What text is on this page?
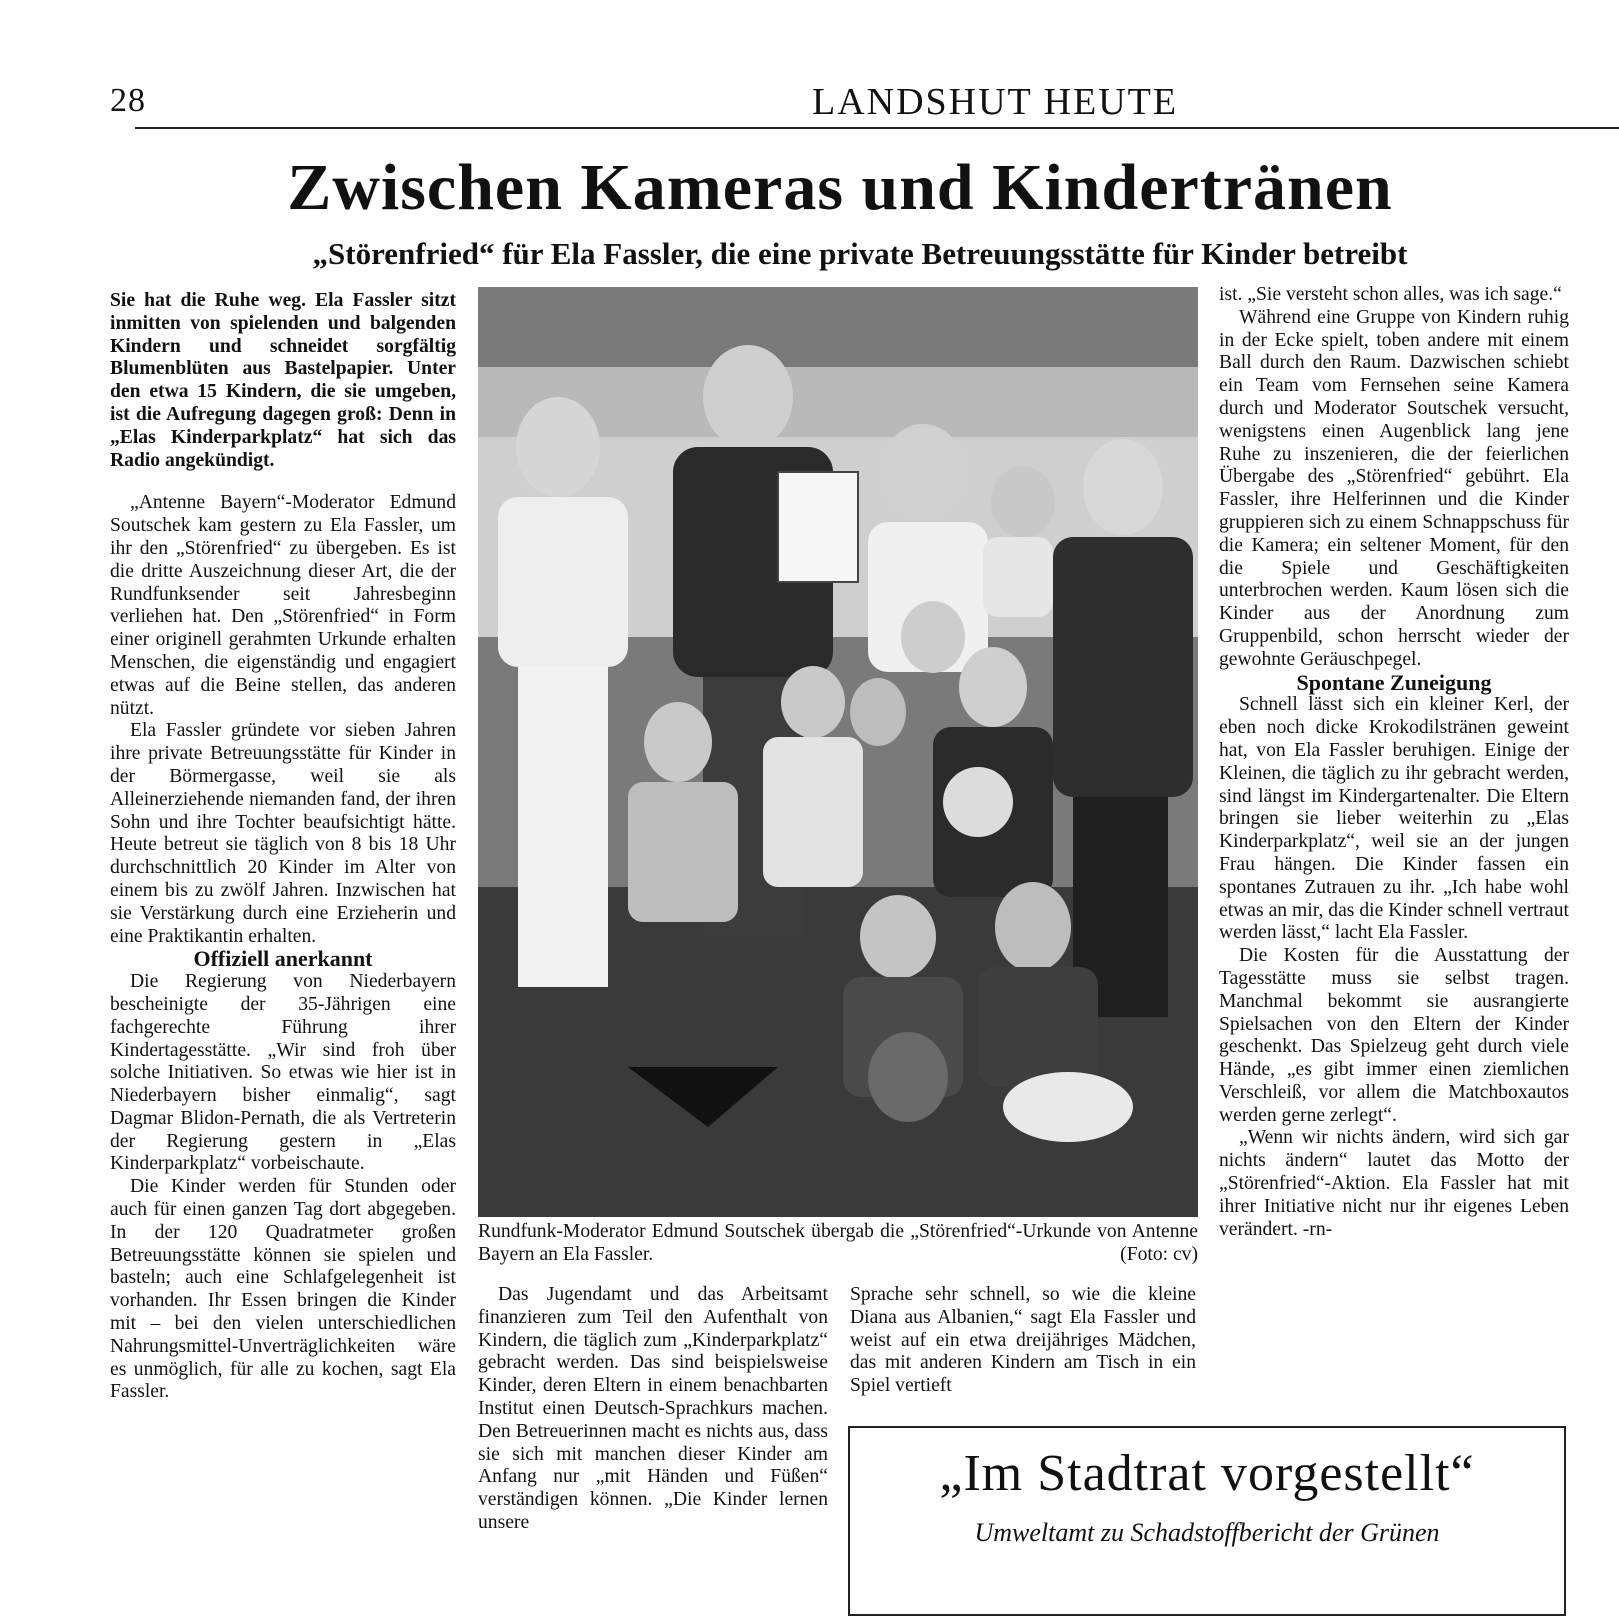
28	LANDSHUT HEUTE
Zwischen Kameras und Kindertränen
„Störenfried“ für Ela Fassler, die eine private Betreuungsstätte für Kinder betreibt

Sie hat die Ruhe weg. Ela Fassler sitzt inmitten von spielenden und balgenden Kindern und schneidet sorgfältig Blumenblüten aus Bastelpapier. Unter den etwa 15 Kindern, die sie umgeben, ist die Aufregung dagegen groß: Denn in „Elas Kinderparkplatz“ hat sich das Radio angekündigt.

„Antenne Bayern“-Moderator Edmund Soutschek kam gestern zu Ela Fassler, um ihr den „Störenfried“ zu übergeben. Es ist die dritte Auszeichnung dieser Art, die der Rundfunksender seit Jahresbeginn verliehen hat. Den „Störenfried“ in Form einer originell gerahmten Urkunde erhalten Menschen, die eigenständig und engagiert etwas auf die Beine stellen, das anderen nützt.

Ela Fassler gründete vor sieben Jahren ihre private Betreuungsstätte für Kinder in der Börmergasse, weil sie als Alleinerziehende niemanden fand, der ihren Sohn und ihre Tochter beaufsichtigt hätte. Heute betreut sie täglich von 8 bis 18 Uhr durchschnittlich 20 Kinder im Alter von einem bis zu zwölf Jahren. Inzwischen hat sie Verstärkung durch eine Erzieherin und eine Praktikantin erhalten.

Offiziell anerkannt

Die Regierung von Niederbayern bescheinigte der 35-Jährigen eine fachgerechte Führung ihrer Kindertagesstätte. „Wir sind froh über solche Initiativen. So etwas wie hier ist in Niederbayern bisher einmalig“, sagt Dagmar Blidon-Pernath, die als Vertreterin der Regierung gestern in „Elas Kinderparkplatz“ vorbeischaute.

Die Kinder werden für Stunden oder auch für einen ganzen Tag dort abgegeben. In der 120 Quadratmeter großen Betreuungsstätte können sie spielen und basteln; auch eine Schlafgelegenheit ist vorhanden. Ihr Essen bringen die Kinder mit – bei den vielen unterschiedlichen Nahrungsmittel-Unverträglichkeiten wäre es unmöglich, für alle zu kochen, sagt Ela Fassler.

Rundfunk-Moderator Edmund Soutschek übergab die „Störenfried“-Urkunde von Antenne Bayern an Ela Fassler.	(Foto: cv)

Das Jugendamt und das Arbeitsamt finanzieren zum Teil den Aufenthalt von Kindern, die täglich zum „Kinderparkplatz“ gebracht werden. Das sind beispielsweise Kinder, deren Eltern in einem benachbarten Institut einen Deutsch-Sprachkurs machen. Den Betreuerinnen macht es nichts aus, dass sie sich mit manchen dieser Kinder am Anfang nur „mit Händen und Füßen“ verständigen können. „Die Kinder lernen unsere

Sprache sehr schnell, so wie die kleine Diana aus Albanien,“ sagt Ela Fassler und weist auf ein etwa dreijähriges Mädchen, das mit anderen Kindern am Tisch in ein Spiel vertieft

ist. „Sie versteht schon alles, was ich sage.“

Während eine Gruppe von Kindern ruhig in der Ecke spielt, toben andere mit einem Ball durch den Raum. Dazwischen schiebt ein Team vom Fernsehen seine Kamera durch und Moderator Soutschek versucht, wenigstens einen Augenblick lang jene Ruhe zu inszenieren, die der feierlichen Übergabe des „Störenfried“ gebührt. Ela Fassler, ihre Helferinnen und die Kinder gruppieren sich zu einem Schnappschuss für die Kamera; ein seltener Moment, für den die Spiele und Geschäftigkeiten unterbrochen werden. Kaum lösen sich die Kinder aus der Anordnung zum Gruppenbild, schon herrscht wieder der gewohnte Geräuschpegel.

Spontane Zuneigung

Schnell lässt sich ein kleiner Kerl, der eben noch dicke Krokodilstränen geweint hat, von Ela Fassler beruhigen. Einige der Kleinen, die täglich zu ihr gebracht werden, sind längst im Kindergartenalter. Die Eltern bringen sie lieber weiterhin zu „Elas Kinderparkplatz“, weil sie an der jungen Frau hängen. Die Kinder fassen ein spontanes Zutrauen zu ihr. „Ich habe wohl etwas an mir, das die Kinder schnell vertraut werden lässt,“ lacht Ela Fassler.

Die Kosten für die Ausstattung der Tagesstätte muss sie selbst tragen. Manchmal bekommt sie ausrangierte Spielsachen von den Eltern der Kinder geschenkt. Das Spielzeug geht durch viele Hände, „es gibt immer einen ziemlichen Verschleiß, vor allem die Matchboxautos werden gerne zerlegt“.

„Wenn wir nichts ändern, wird sich gar nichts ändern“ lautet das Motto der „Störenfried“-Aktion. Ela Fassler hat mit ihrer Initiative nicht nur ihr eigenes Leben verändert. -rn-

„Im Stadtrat vorgestellt“
Umweltamt zu Schadstoffbericht der Grünen
